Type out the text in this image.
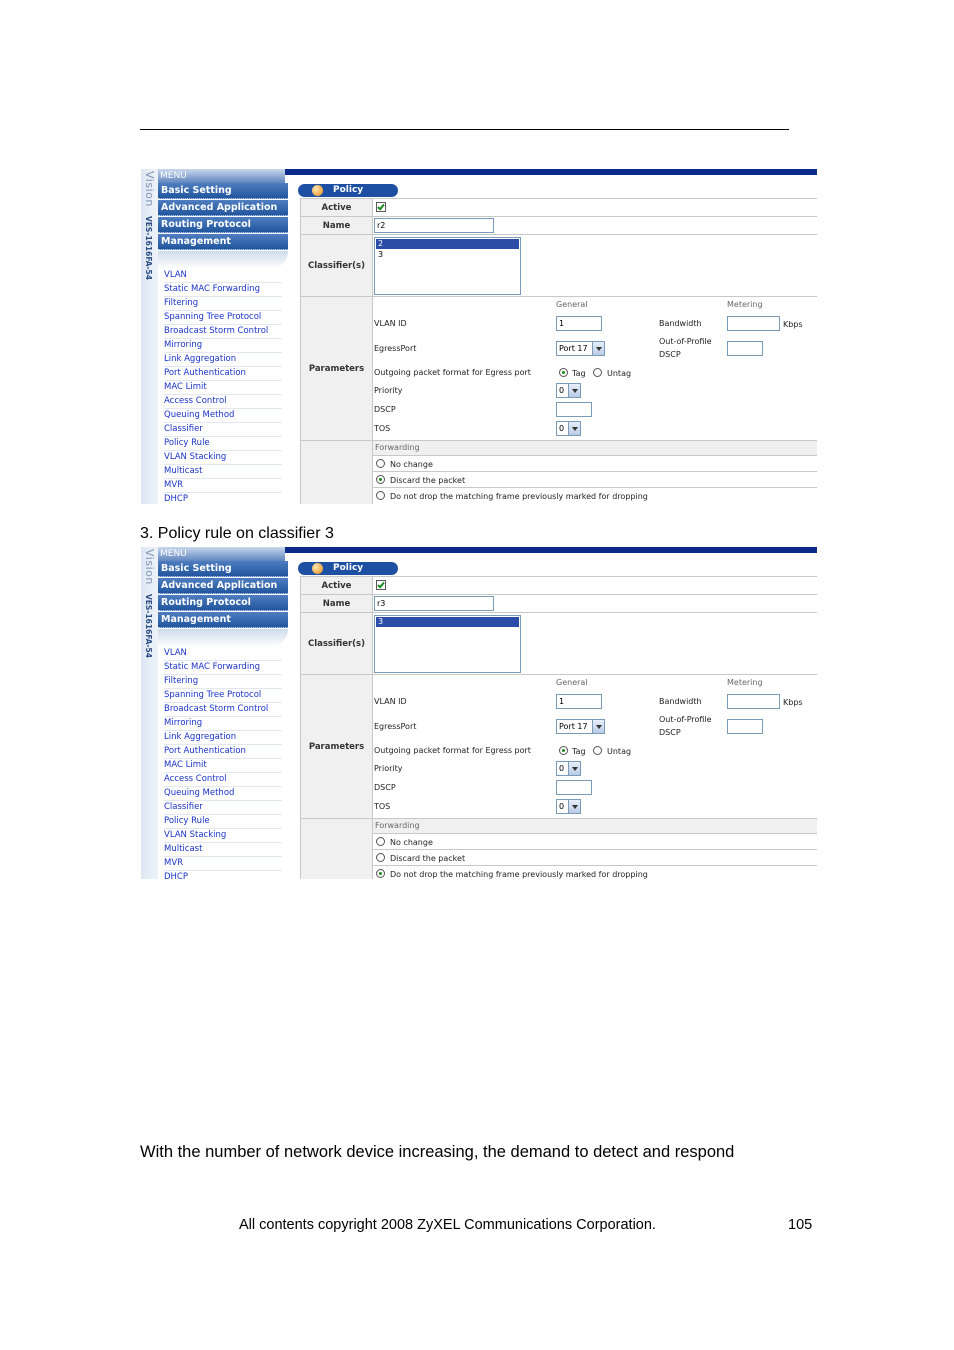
Vision
VES-1616FA-54
MENU
Basic Setting
Advanced Application
Routing Protocol
Management
VLAN
Static MAC Forwarding
Filtering
Spanning Tree Protocol
Broadcast Storm Control
Mirroring
Link Aggregation
Port Authentication
MAC Limit
Access Control
Queuing Method
Classifier
Policy Rule
VLAN Stacking
Multicast
MVR
DHCP
Policy
Active
Name	r2
Classifier(s)
2
3
Parameters
General	Metering
VLAN ID	1	Bandwidth	Kbps
EgressPort	Port 17
Out-of-Profile
DSCP
Outgoing packet format for Egress port	Tag	Untag
Priority	0
DSCP
TOS	0
Forwarding
No change
Discard the packet
Do not drop the matching frame previously marked for dropping
3. Policy rule on classifier 3
Vision
VES-1616FA-54
MENU
Basic Setting
Advanced Application
Routing Protocol
Management
VLAN
Static MAC Forwarding
Filtering
Spanning Tree Protocol
Broadcast Storm Control
Mirroring
Link Aggregation
Port Authentication
MAC Limit
Access Control
Queuing Method
Classifier
Policy Rule
VLAN Stacking
Multicast
MVR
DHCP
Policy
Active
Name	r3
Classifier(s)
3
Parameters
General	Metering
VLAN ID	1	Bandwidth	Kbps
EgressPort	Port 17
Out-of-Profile
DSCP
Outgoing packet format for Egress port	Tag	Untag
Priority	0
DSCP
TOS	0
Forwarding
No change
Discard the packet
Do not drop the matching frame previously marked for dropping
With the number of network device increasing, the demand to detect and respond
All contents copyright 2008 ZyXEL Communications Corporation.	105
